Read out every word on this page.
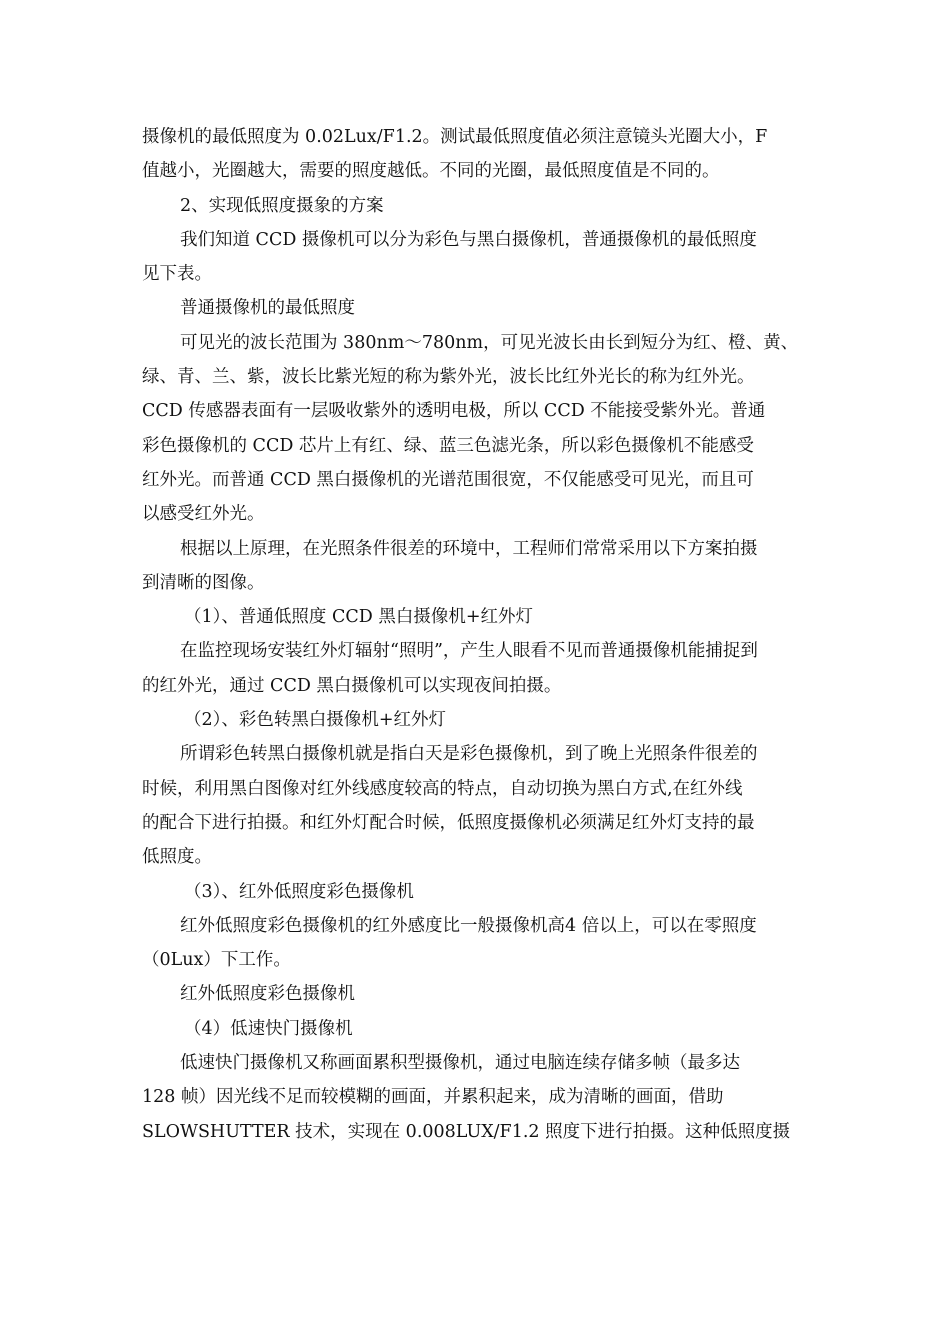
摄像机的最低照度为 0.02Lux/F1.2。测试最低照度值必须注意镜头光圈大小，F
值越小，光圈越大，需要的照度越低。不同的光圈，最低照度值是不同的。
2、实现低照度摄象的方案
我们知道 CCD 摄像机可以分为彩色与黑白摄像机，普通摄像机的最低照度
见下表。
普通摄像机的最低照度
可见光的波长范围为 380nm～780nm，可见光波长由长到短分为红、橙、黄、
绿、青、兰、紫，波长比紫光短的称为紫外光，波长比红外光长的称为红外光。
CCD 传感器表面有一层吸收紫外的透明电极，所以 CCD 不能接受紫外光。普通
彩色摄像机的 CCD 芯片上有红、绿、蓝三色滤光条，所以彩色摄像机不能感受
红外光。而普通 CCD 黑白摄像机的光谱范围很宽，不仅能感受可见光，而且可
以感受红外光。
根据以上原理，在光照条件很差的环境中，工程师们常常采用以下方案拍摄
到清晰的图像。
（1）、普通低照度 CCD 黑白摄像机+红外灯
在监控现场安装红外灯辐射“照明”，产生人眼看不见而普通摄像机能捕捉到
的红外光，通过 CCD 黑白摄像机可以实现夜间拍摄。
（2）、彩色转黑白摄像机+红外灯
所谓彩色转黑白摄像机就是指白天是彩色摄像机，到了晚上光照条件很差的
时候，利用黑白图像对红外线感度较高的特点，自动切换为黑白方式,在红外线
的配合下进行拍摄。和红外灯配合时候，低照度摄像机必须满足红外灯支持的最
低照度。
（3）、红外低照度彩色摄像机
红外低照度彩色摄像机的红外感度比一般摄像机高4 倍以上，可以在零照度
（0Lux）下工作。
红外低照度彩色摄像机
（4）低速快门摄像机
低速快门摄像机又称画面累积型摄像机，通过电脑连续存储多帧（最多达
128 帧）因光线不足而较模糊的画面，并累积起来，成为清晰的画面，借助
SLOWSHUTTER 技术，实现在 0.008LUX/F1.2 照度下进行拍摄。这种低照度摄
